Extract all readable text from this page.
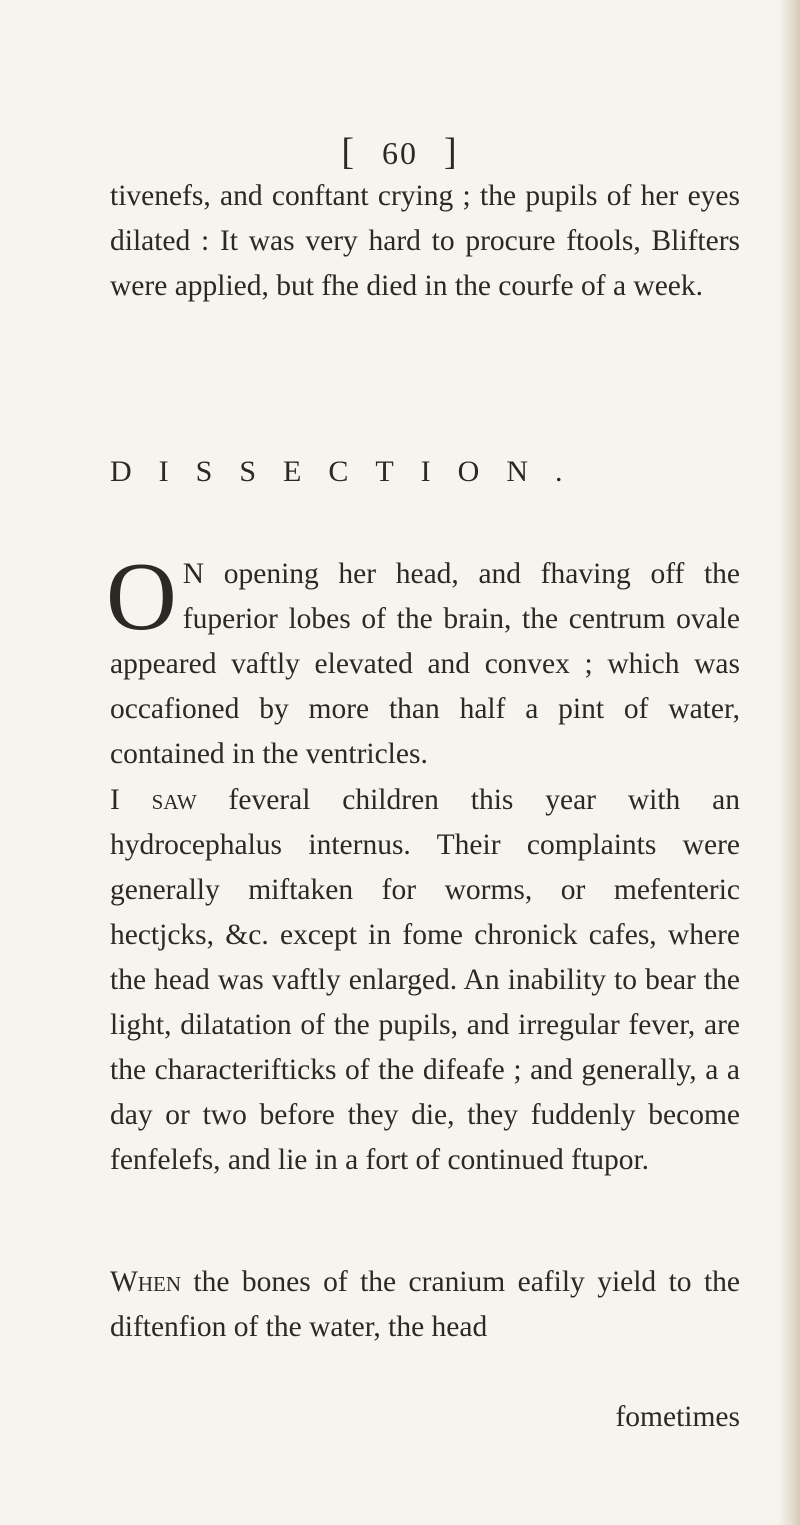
[ 60 ]
tivenefs, and conftant crying ; the pupils of her eyes dilated : It was very hard to procure ftools, Blifters were applied, but fhe died in the courfe of a week.
DISSECTION.
O N opening her head, and fhaving off the fuperior lobes of the brain, the centrum ovale appeared vaftly elevated and convex ; which was occafioned by more than half a pint of water, contained in the ventricles.
I saw feveral children this year with an hydrocephalus internus. Their complaints were generally miftaken for worms, or mefenteric hectjcks, &c. except in fome chronick cafes, where the head was vaftly enlarged. An inability to bear the light, dilatation of the pupils, and irregular fever, are the characterifticks of the difeafe ; and generally, a a day or two before they die, they fuddenly become fenfelefs, and lie in a fort of continued ftupor.
When the bones of the cranium eafily yield to the diftenfion of the water, the head
fometimes
